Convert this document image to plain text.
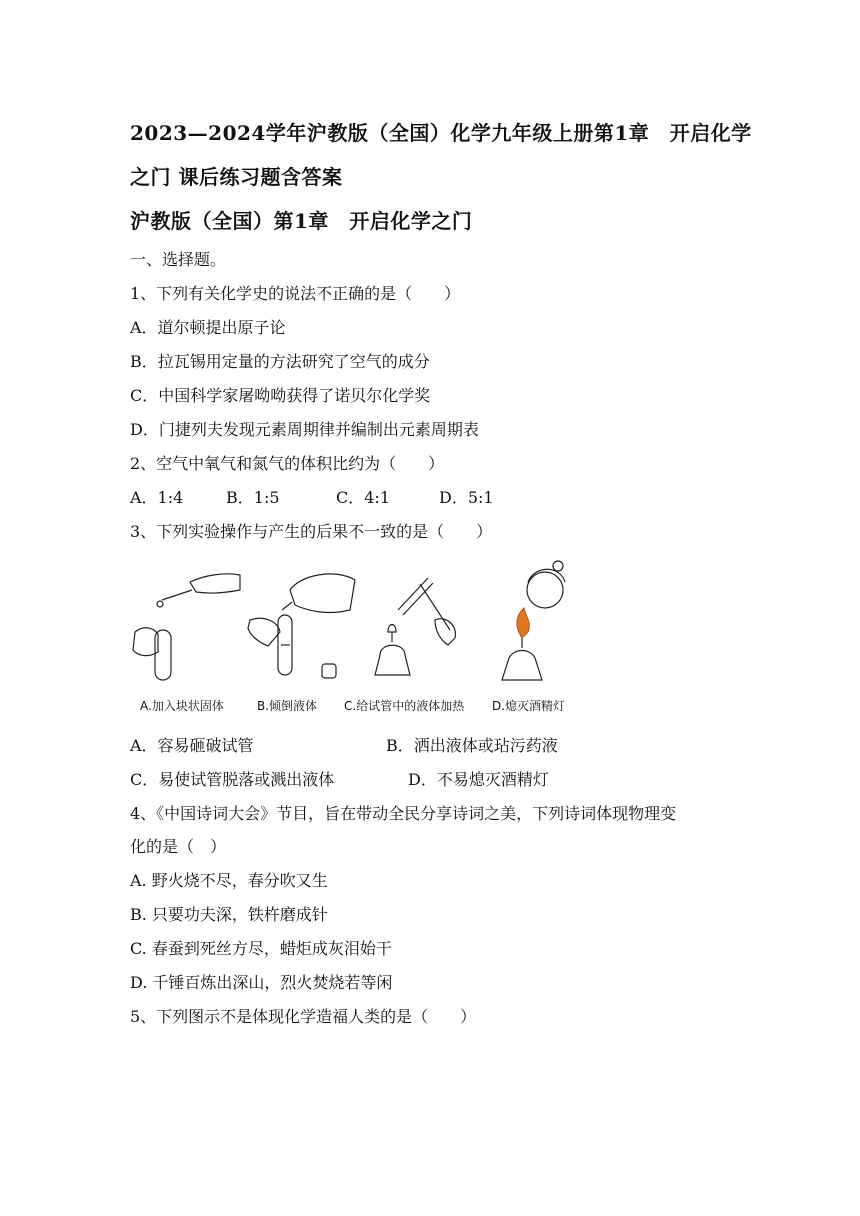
2023—2024学年沪教版（全国）化学九年级上册第1章　开启化学
之门 课后练习题含答案
沪教版（全国）第1章　开启化学之门
一、选择题。
1、下列有关化学史的说法不正确的是（　　）
A．道尔顿提出原子论
B．拉瓦锡用定量的方法研究了空气的成分
C．中国科学家屠呦呦获得了诺贝尔化学奖
D．门捷列夫发现元素周期律并编制出元素周期表
2、空气中氧气和氮气的体积比约为（　　）
A．1:4	B．1:5	C．4:1	D．5:1
3、下列实验操作与产生的后果不一致的是（　　）
A.加入块状固体	B.倾倒液体 C.给试管中的液体加热 D.熄灭酒精灯
A．容易砸破试管	B．洒出液体或玷污药液
C．易使试管脱落或溅出液体	D．不易熄灭酒精灯
4、《中国诗词大会》节目，旨在带动全民分享诗词之美，下列诗词体现物理变
化的是（　）
A. 野火烧不尽，春分吹又生
B. 只要功夫深，铁杵磨成针
C. 春蚕到死丝方尽，蜡炬成灰泪始干
D. 千锤百炼出深山，烈火焚烧若等闲
5、下列图示不是体现化学造福人类的是（　　）
